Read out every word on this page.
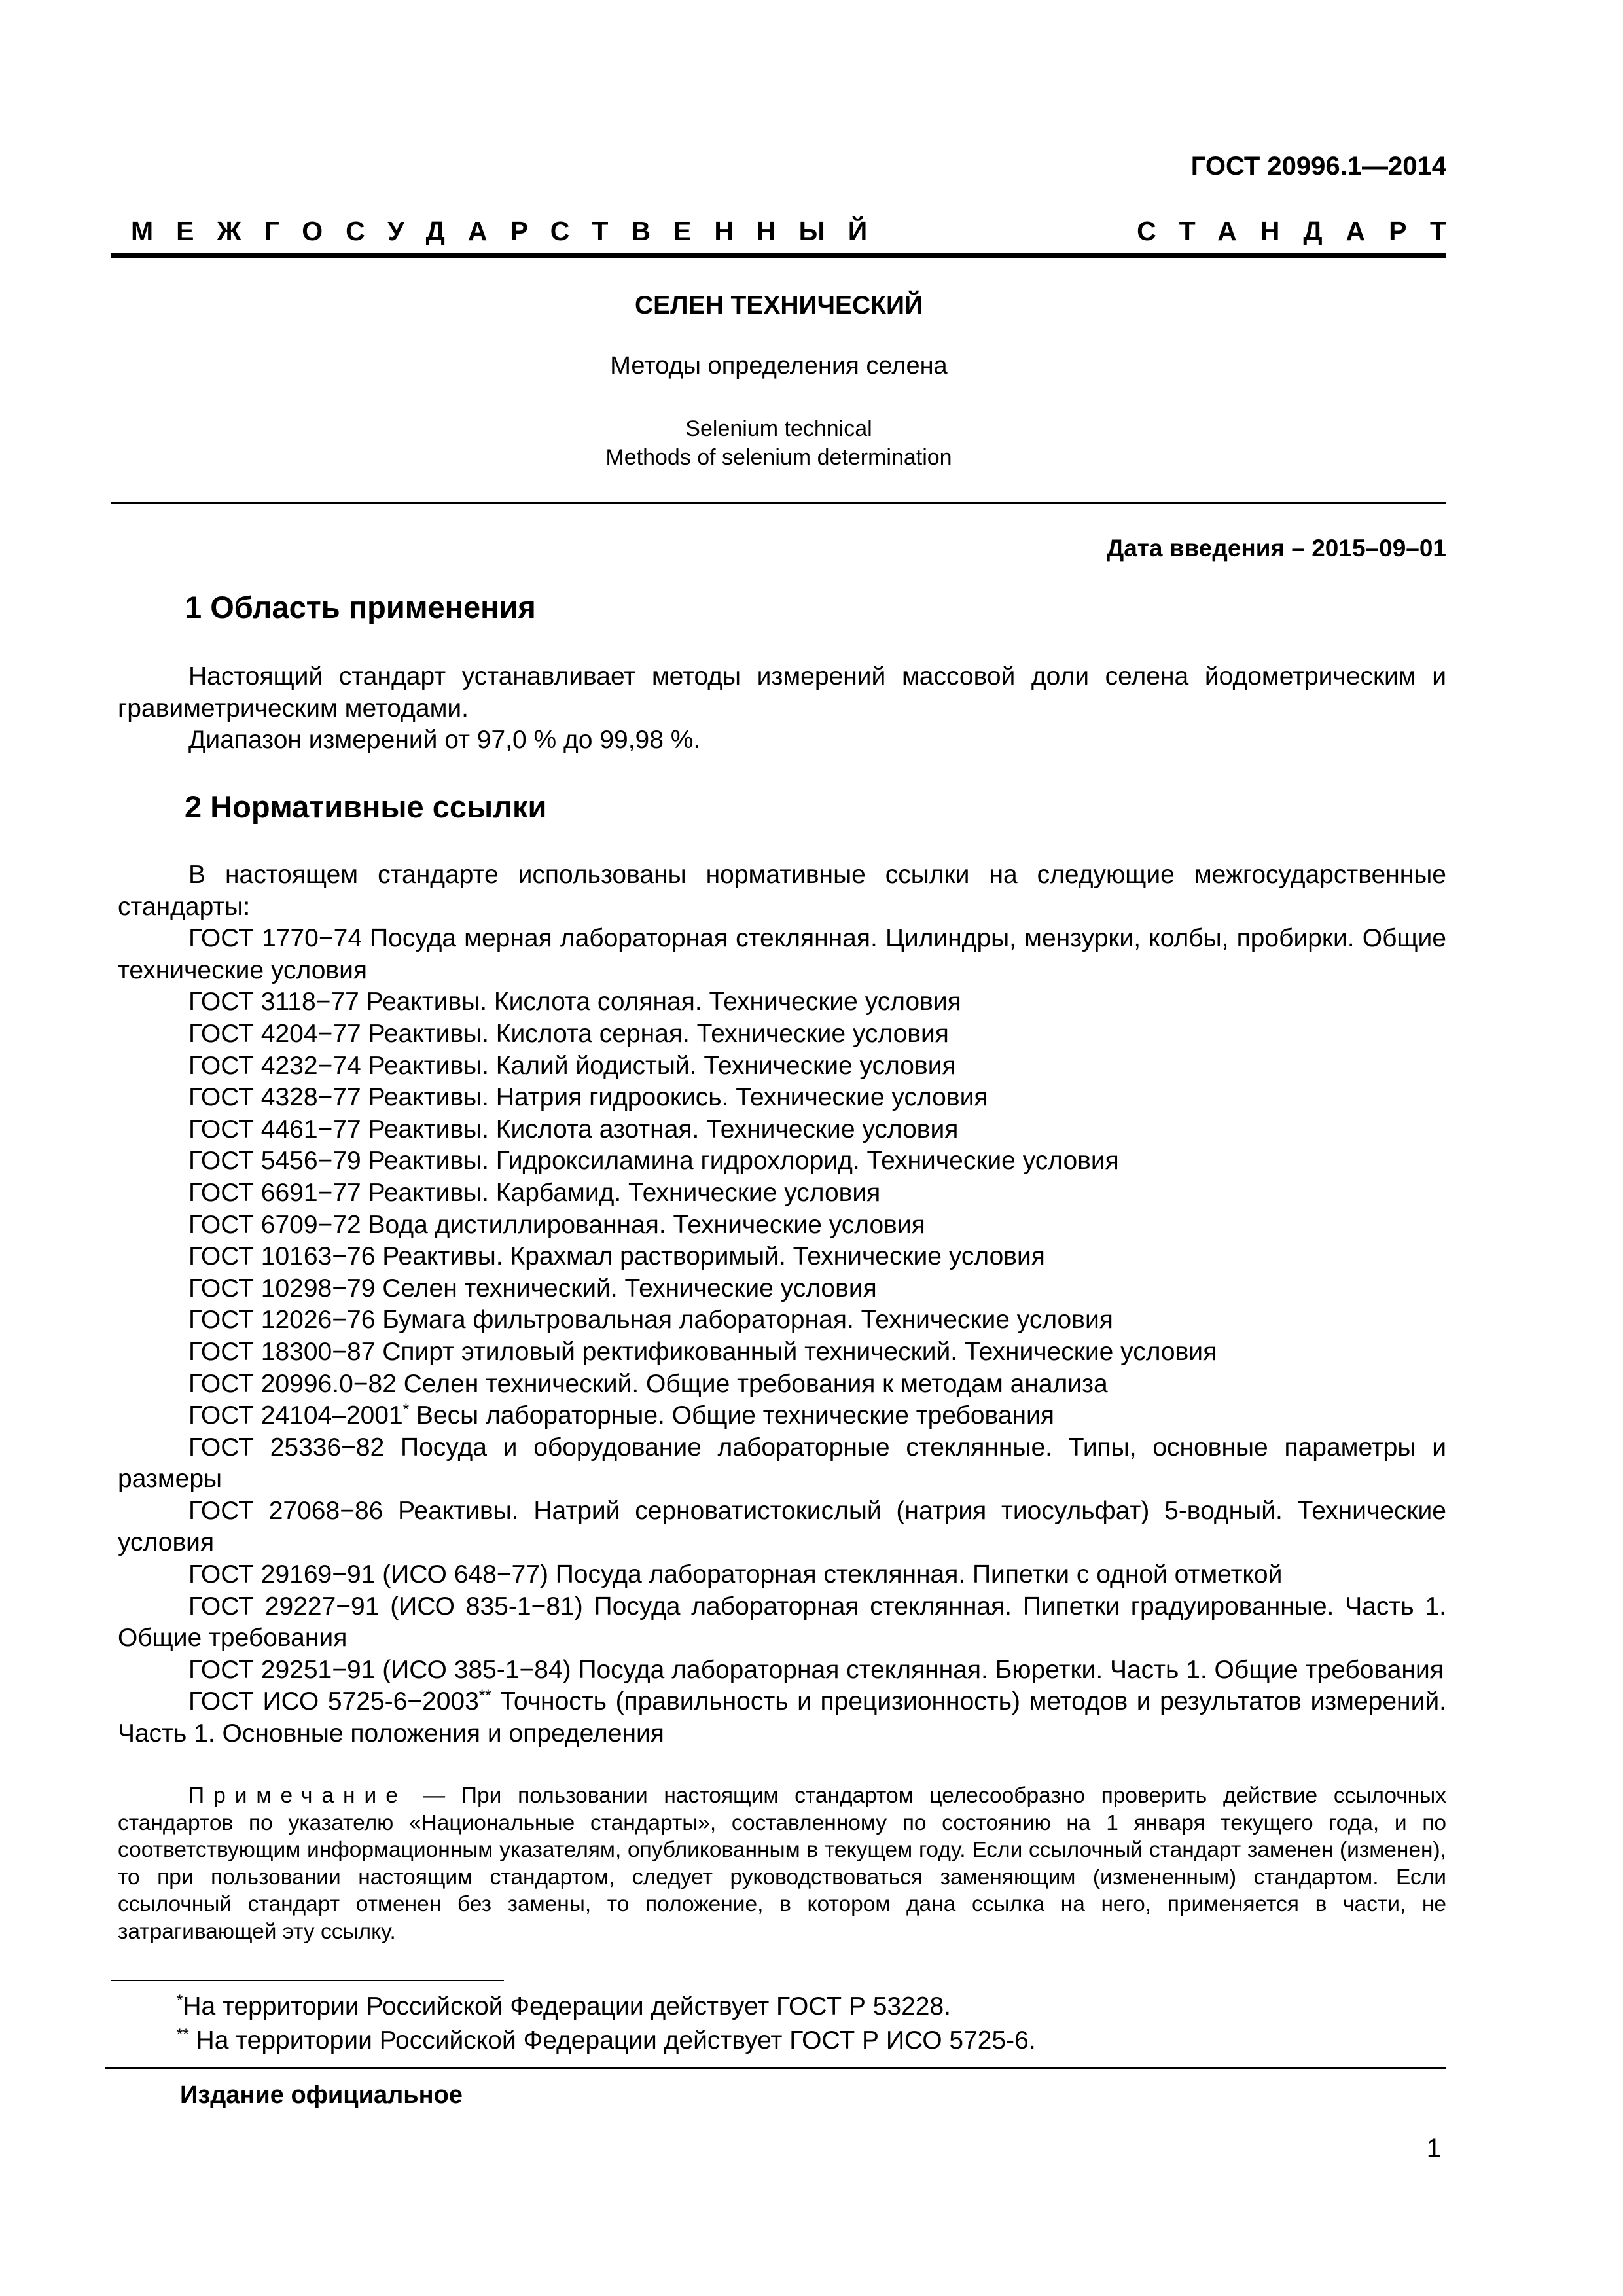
ГОСТ 20996.1—2014
МЕЖГОСУДАРСТВЕННЫЙ	СТАНДАРТ
СЕЛЕН ТЕХНИЧЕСКИЙ
Методы определения селена
Selenium technical
Methods of selenium determination
Дата введения – 2015–09–01
1 Область применения

Настоящий стандарт устанавливает методы измерений массовой доли селена йодометрическим и гравиметрическим методами.

Диапазон измерений от 97,0 % до 99,98 %.

2 Нормативные ссылки

В настоящем стандарте использованы нормативные ссылки на следующие межгосударственные стандарты:

ГОСТ 1770−74 Посуда мерная лабораторная стеклянная. Цилиндры, мензурки, колбы, пробирки. Общие технические условия

ГОСТ 3118−77 Реактивы. Кислота соляная. Технические условия

ГОСТ 4204−77 Реактивы. Кислота серная. Технические условия

ГОСТ 4232−74 Реактивы. Калий йодистый. Технические условия

ГОСТ 4328−77 Реактивы. Натрия гидроокись. Технические условия

ГОСТ 4461−77 Реактивы. Кислота азотная. Технические условия

ГОСТ 5456−79 Реактивы. Гидроксиламина гидрохлорид. Технические условия

ГОСТ 6691−77 Реактивы. Карбамид. Технические условия

ГОСТ 6709−72 Вода дистиллированная. Технические условия

ГОСТ 10163−76 Реактивы. Крахмал растворимый. Технические условия

ГОСТ 10298−79 Селен технический. Технические условия

ГОСТ 12026−76 Бумага фильтровальная лабораторная. Технические условия

ГОСТ 18300−87 Спирт этиловый ректификованный технический. Технические условия

ГОСТ 20996.0−82 Селен технический. Общие требования к методам анализа

ГОСТ 24104–2001* Весы лабораторные. Общие технические требования

ГОСТ 25336−82 Посуда и оборудование лабораторные стеклянные. Типы, основные параметры и размеры

ГОСТ 27068−86 Реактивы. Натрий серноватистокислый (натрия тиосульфат) 5-водный. Технические условия

ГОСТ 29169−91 (ИСО 648−77) Посуда лабораторная стеклянная. Пипетки с одной отметкой

ГОСТ 29227−91 (ИСО 835-1−81) Посуда лабораторная стеклянная. Пипетки градуированные. Часть 1. Общие требования

ГОСТ 29251−91 (ИСО 385-1−84) Посуда лабораторная стеклянная. Бюретки. Часть 1. Общие требования

ГОСТ ИСО 5725-6−2003** Точность (правильность и прецизионность) методов и результатов измерений. Часть 1. Основные положения и определения

Примечание — При пользовании настоящим стандартом целесообразно проверить действие ссылочных стандартов по указателю «Национальные стандарты», составленному по состоянию на 1 января текущего года, и по соответствующим информационным указателям, опубликованным в текущем году. Если ссылочный стандарт заменен (изменен), то при пользовании настоящим стандартом, следует руководствоваться заменяющим (измененным) стандартом. Если ссылочный стандарт отменен без замены, то положение, в котором дана ссылка на него, применяется в части, не затрагивающей эту ссылку.

*На территории Российской Федерации действует ГОСТ Р 53228.
** На территории Российской Федерации действует ГОСТ Р ИСО 5725-6.
Издание официальное
1
